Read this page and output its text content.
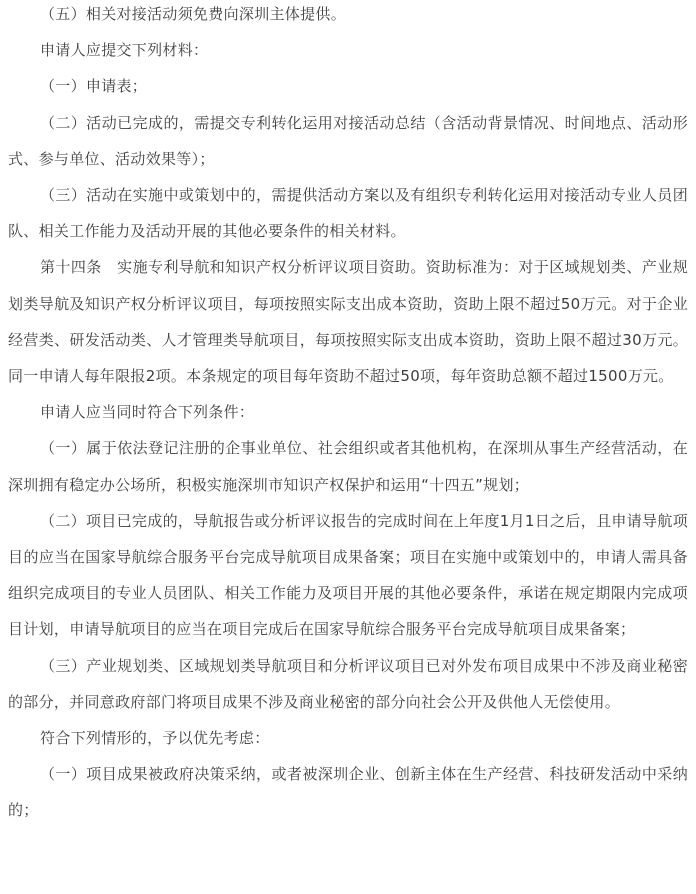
（五）相关对接活动须免费向深圳主体提供。

申请人应提交下列材料：

（一）申请表；

（二）活动已完成的，需提交专利转化运用对接活动总结（含活动背景情况、时间地点、活动形式、参与单位、活动效果等）；

（三）活动在实施中或策划中的，需提供活动方案以及有组织专利转化运用对接活动专业人员团队、相关工作能力及活动开展的其他必要条件的相关材料。

第十四条　实施专利导航和知识产权分析评议项目资助。资助标准为：对于区域规划类、产业规划类导航及知识产权分析评议项目，每项按照实际支出成本资助，资助上限不超过50万元。对于企业经营类、研发活动类、人才管理类导航项目，每项按照实际支出成本资助，资助上限不超过30万元。同一申请人每年限报2项。本条规定的项目每年资助不超过50项，每年资助总额不超过1500万元。

申请人应当同时符合下列条件：

（一）属于依法登记注册的企事业单位、社会组织或者其他机构，在深圳从事生产经营活动，在深圳拥有稳定办公场所，积极实施深圳市知识产权保护和运用“十四五”规划；

（二）项目已完成的，导航报告或分析评议报告的完成时间在上年度1月1日之后，且申请导航项目的应当在国家导航综合服务平台完成导航项目成果备案；项目在实施中或策划中的，申请人需具备组织完成项目的专业人员团队、相关工作能力及项目开展的其他必要条件，承诺在规定期限内完成项目计划，申请导航项目的应当在项目完成后在国家导航综合服务平台完成导航项目成果备案；

（三）产业规划类、区域规划类导航项目和分析评议项目已对外发布项目成果中不涉及商业秘密的部分，并同意政府部门将项目成果不涉及商业秘密的部分向社会公开及供他人无偿使用。

符合下列情形的，予以优先考虑：

（一）项目成果被政府决策采纳，或者被深圳企业、创新主体在生产经营、科技研发活动中采纳的；
